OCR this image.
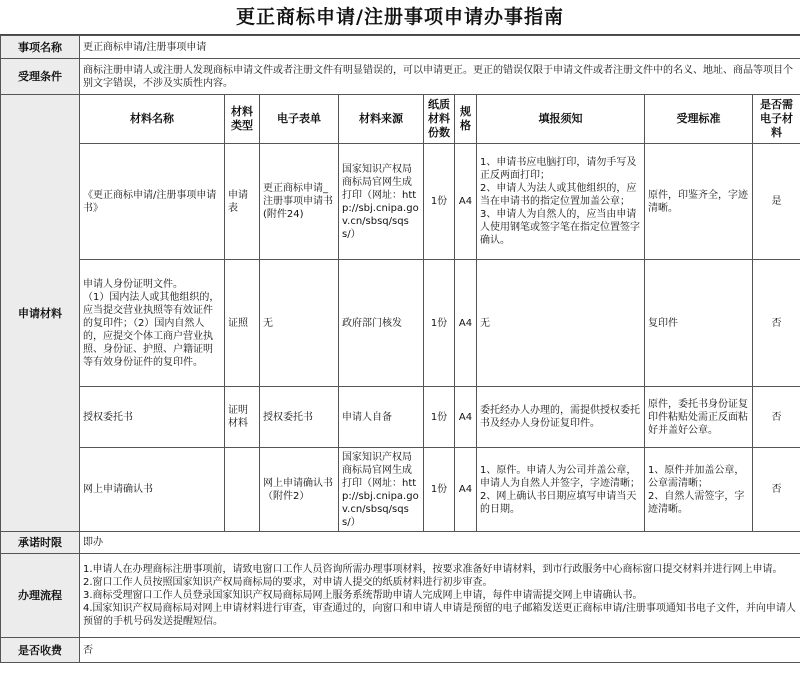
更正商标申请/注册事项申请办事指南
事项名称	更正商标申请/注册事项申请								
受理条件	商标注册申请人或注册人发现商标申请文件或者注册文件有明显错误的，可以申请更正。更正的错误仅限于申请文件或者注册文件中的名义、地址、商品等项目个别文字错误，不涉及实质性内容。								
申请材料	材料名称	材料类型	电子表单	材料来源	纸质材料份数	规格	填报须知	受理标准	是否需电子材料
	《更正商标申请/注册事项申请书》	申请表	更正商标申请_注册事项申请书(附件24)	国家知识产权局商标局官网生成打印（网址：http://sbj.cnipa.gov.cn/sbsq/sqss/）	1份	A4	1、申请书应电脑打印，请勿手写及正反两面打印；
2、申请人为法人或其他组织的，应当在申请书的指定位置加盖公章；
3、申请人为自然人的，应当由申请人使用钢笔或签字笔在指定位置签字确认。	原件，印鉴齐全，字迹清晰。	是
	申请人身份证明文件。
（1）国内法人或其他组织的，应当提交营业执照等有效证件的复印件；（2）国内自然人的，应提交个体工商户营业执照、身份证、护照、户籍证明等有效身份证件的复印件。	证照	无	政府部门核发	1份	A4	无	复印件	否
	授权委托书	证明材料	授权委托书	申请人自备	1份	A4	委托经办人办理的，需提供授权委托书及经办人身份证复印件。	原件，委托书身份证复印件粘贴处需正反面粘好并盖好公章。	否
	网上申请确认书		网上申请确认书（附件2）	国家知识产权局商标局官网生成打印（网址：http://sbj.cnipa.gov.cn/sbsq/sqss/）	1份	A4	1、原件。申请人为公司并盖公章，申请人为自然人并签字，字迹清晰；
2、网上确认书日期应填写申请当天的日期。	1、原件并加盖公章，公章需清晰；
2、自然人需签字，字迹清晰。	否
承诺时限	即办								
办理流程	1.申请人在办理商标注册事项前，请致电窗口工作人员咨询所需办理事项材料，按要求准备好申请材料，到市行政服务中心商标窗口提交材料并进行网上申请。
2.窗口工作人员按照国家知识产权局商标局的要求，对申请人提交的纸质材料进行初步审查。
3.商标受理窗口工作人员登录国家知识产权局商标局网上服务系统帮助申请人完成网上申请，每件申请需提交网上申请确认书。
4.国家知识产权局商标局对网上申请材料进行审查，审查通过的，向窗口和申请人申请是预留的电子邮箱发送更正商标申请/注册事项通知书电子文件，并向申请人预留的手机号码发送提醒短信。								
是否收费	否								
